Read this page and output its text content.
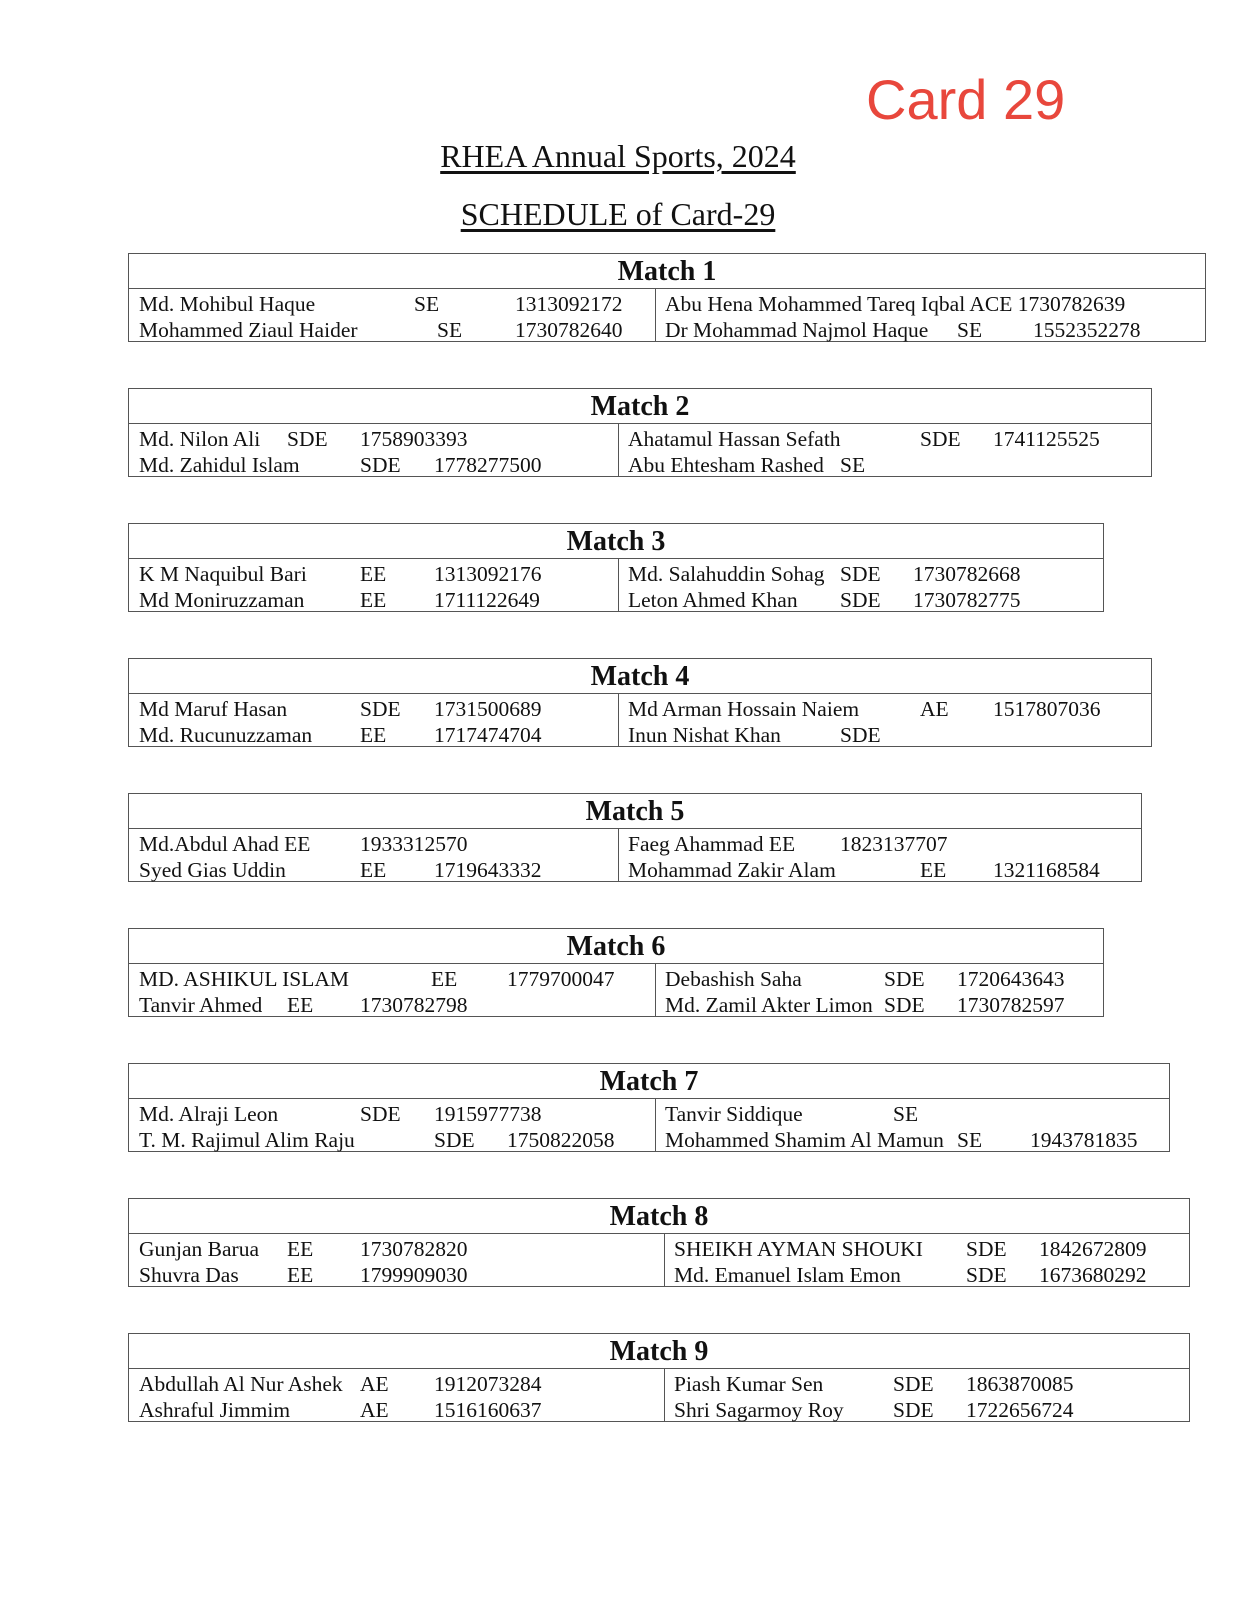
Card 29
RHEA Annual Sports, 2024
SCHEDULE of Card-29
Match 1
Md. Mohibul Haque	SE	1313092172
Mohammed Ziaul Haider	SE 1730782640
Abu Hena Mohammed Tareq Iqbal ACE 1730782639
Dr Mohammad Najmol Haque SE 1552352278
Match 2
Md. Nilon Ali SDE 1758903393
Md. Zahidul Islam	SDE 1778277500
Ahatamul Hassan Sefath	SDE 1741125525
Abu Ehtesham Rashed SE
Match 3
K M Naquibul Bari EE 1313092176
Md Moniruzzaman	EE 1711122649
Md. Salahuddin Sohag SDE 1730782668
Leton Ahmed Khan SDE 1730782775
Match 4
Md Maruf Hasan	SDE 1731500689
Md. Rucunuzzaman EE 1717474704
Md Arman Hossain Naiem	AE 1517807036
Inun Nishat Khan	SDE
Match 5
Md.Abdul Ahad EE 1933312570
Syed Gias Uddin	EE 1719643332
Faeg Ahammad EE 1823137707
Mohammad Zakir Alam	EE 1321168584
Match 6
MD. ASHIKUL ISLAM	EE 1779700047
Tanvir Ahmed EE 1730782798
Debashish Saha	SDE 1720643643
Md. Zamil Akter Limon SDE 1730782597
Match 7
Md. Alraji Leon	SDE 1915977738
T. M. Rajimul Alim Raju	SDE 1750822058
Tanvir Siddique	SE
Mohammed Shamim Al Mamun SE 1943781835
Match 8
Gunjan Barua EE 1730782820
Shuvra Das EE 1799909030
SHEIKH AYMAN SHOUKI SDE 1842672809
Md. Emanuel Islam Emon	SDE 1673680292
Match 9
Abdullah Al Nur Ashek AE 1912073284
Ashraful Jimmim	AE 1516160637
Piash Kumar Sen	SDE 1863870085
Shri Sagarmoy Roy SDE 1722656724
